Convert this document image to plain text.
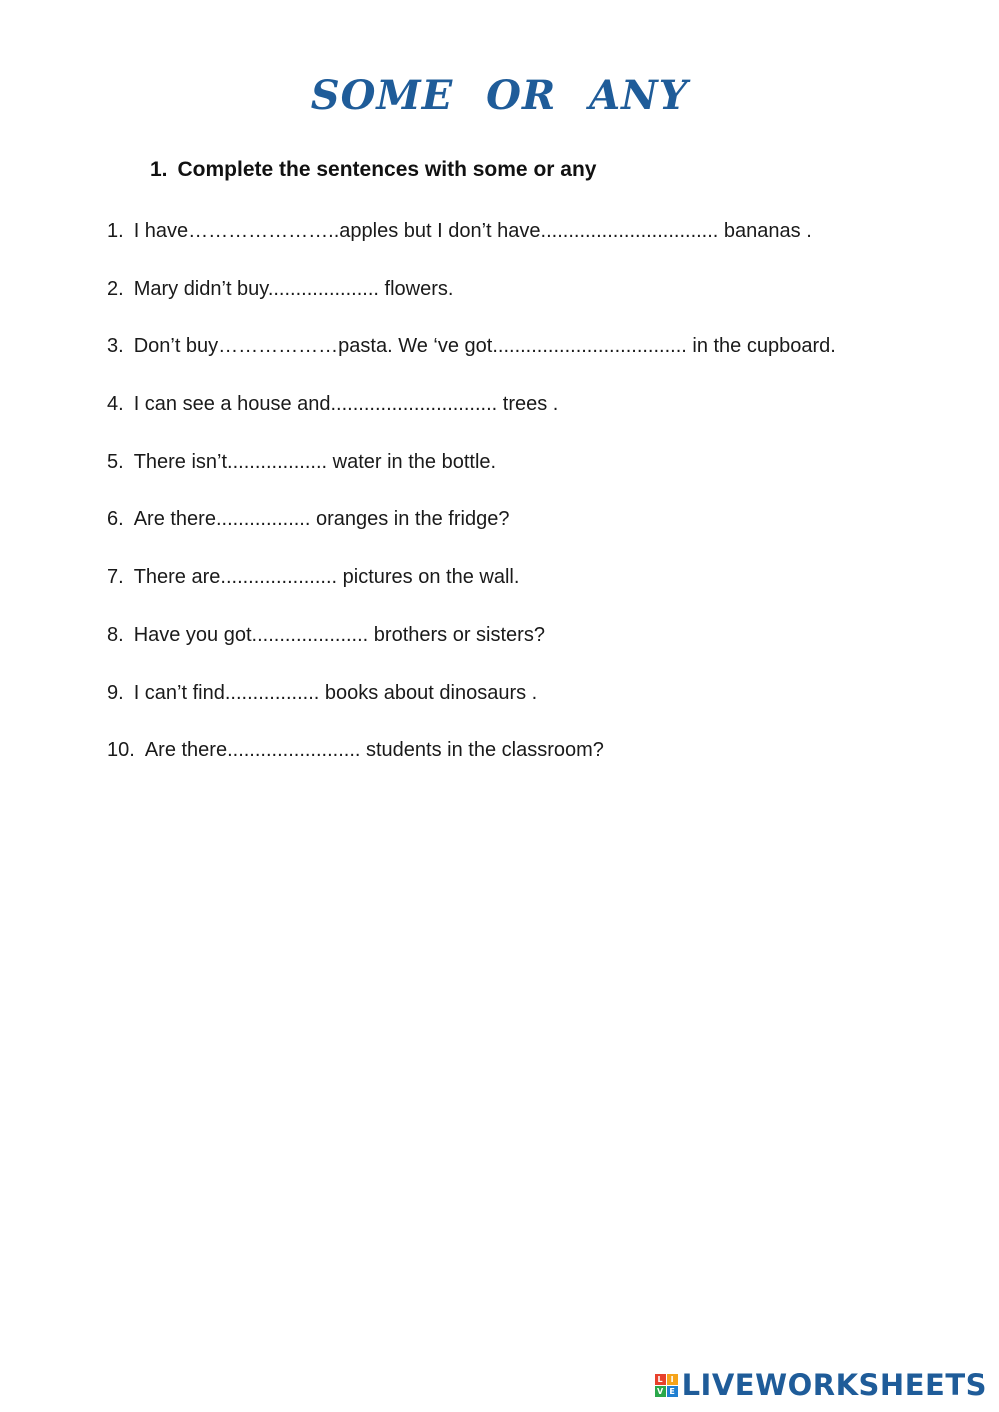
SOME OR ANY
1. Complete the sentences with some or any
1. I have…………………..apples but I don’t have................................ bananas .
2. Mary didn’t buy.................... flowers.
3. Don’t buy………………pasta. We ‘ve got................................... in the cupboard.
4. I can see a house and.............................. trees .
5. There isn’t.................. water in the bottle.
6. Are there................. oranges in the fridge?
7. There are..................... pictures on the wall.
8. Have you got..................... brothers or sisters?
9. I can’t find................. books about dinosaurs .
10. Are there........................ students in the classroom?
L I
V E LIVEWORKSHEETS
